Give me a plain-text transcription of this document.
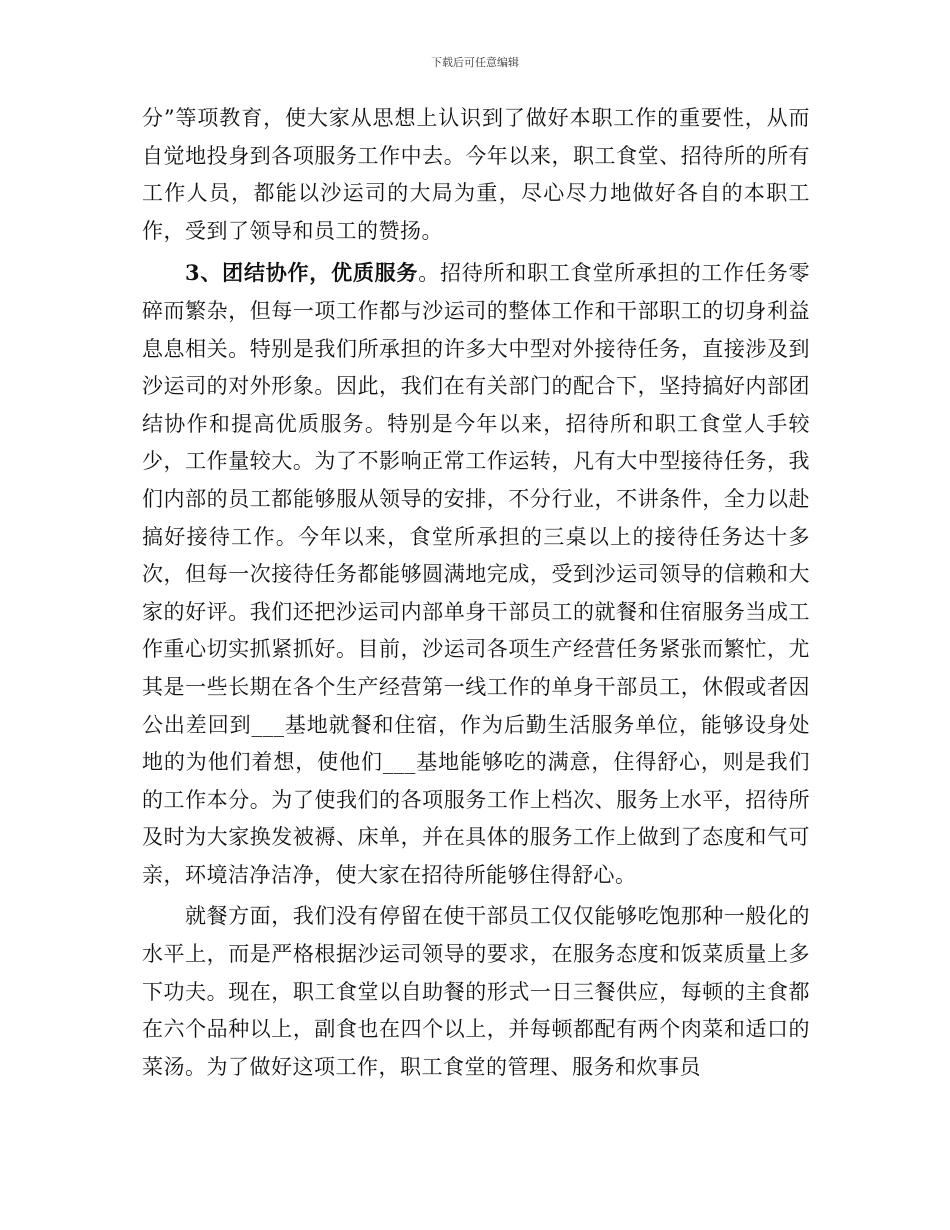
下载后可任意编辑

分”等项教育，使大家从思想上认识到了做好本职工作的重要性，从而自觉地投身到各项服务工作中去。今年以来，职工食堂、招待所的所有工作人员，都能以沙运司的大局为重，尽心尽力地做好各自的本职工作，受到了领导和员工的赞扬。

3、团结协作，优质服务。招待所和职工食堂所承担的工作任务零碎而繁杂，但每一项工作都与沙运司的整体工作和干部职工的切身利益息息相关。特别是我们所承担的许多大中型对外接待任务，直接涉及到沙运司的对外形象。因此，我们在有关部门的配合下，坚持搞好内部团结协作和提高优质服务。特别是今年以来，招待所和职工食堂人手较少，工作量较大。为了不影响正常工作运转，凡有大中型接待任务，我们内部的员工都能够服从领导的安排，不分行业，不讲条件，全力以赴搞好接待工作。今年以来，食堂所承担的三桌以上的接待任务达十多次，但每一次接待任务都能够圆满地完成，受到沙运司领导的信赖和大家的好评。我们还把沙运司内部单身干部员工的就餐和住宿服务当成工作重心切实抓紧抓好。目前，沙运司各项生产经营任务紧张而繁忙，尤其是一些长期在各个生产经营第一线工作的单身干部员工，休假或者因公出差回到___基地就餐和住宿，作为后勤生活服务单位，能够设身处地的为他们着想，使他们___基地能够吃的满意，住得舒心，则是我们的工作本分。为了使我们的各项服务工作上档次、服务上水平，招待所及时为大家换发被褥、床单，并在具体的服务工作上做到了态度和气可亲，环境洁净洁净，使大家在招待所能够住得舒心。

就餐方面，我们没有停留在使干部员工仅仅能够吃饱那种一般化的水平上，而是严格根据沙运司领导的要求，在服务态度和饭菜质量上多下功夫。现在，职工食堂以自助餐的形式一日三餐供应，每顿的主食都在六个品种以上，副食也在四个以上，并每顿都配有两个肉菜和适口的菜汤。为了做好这项工作，职工食堂的管理、服务和炊事员
